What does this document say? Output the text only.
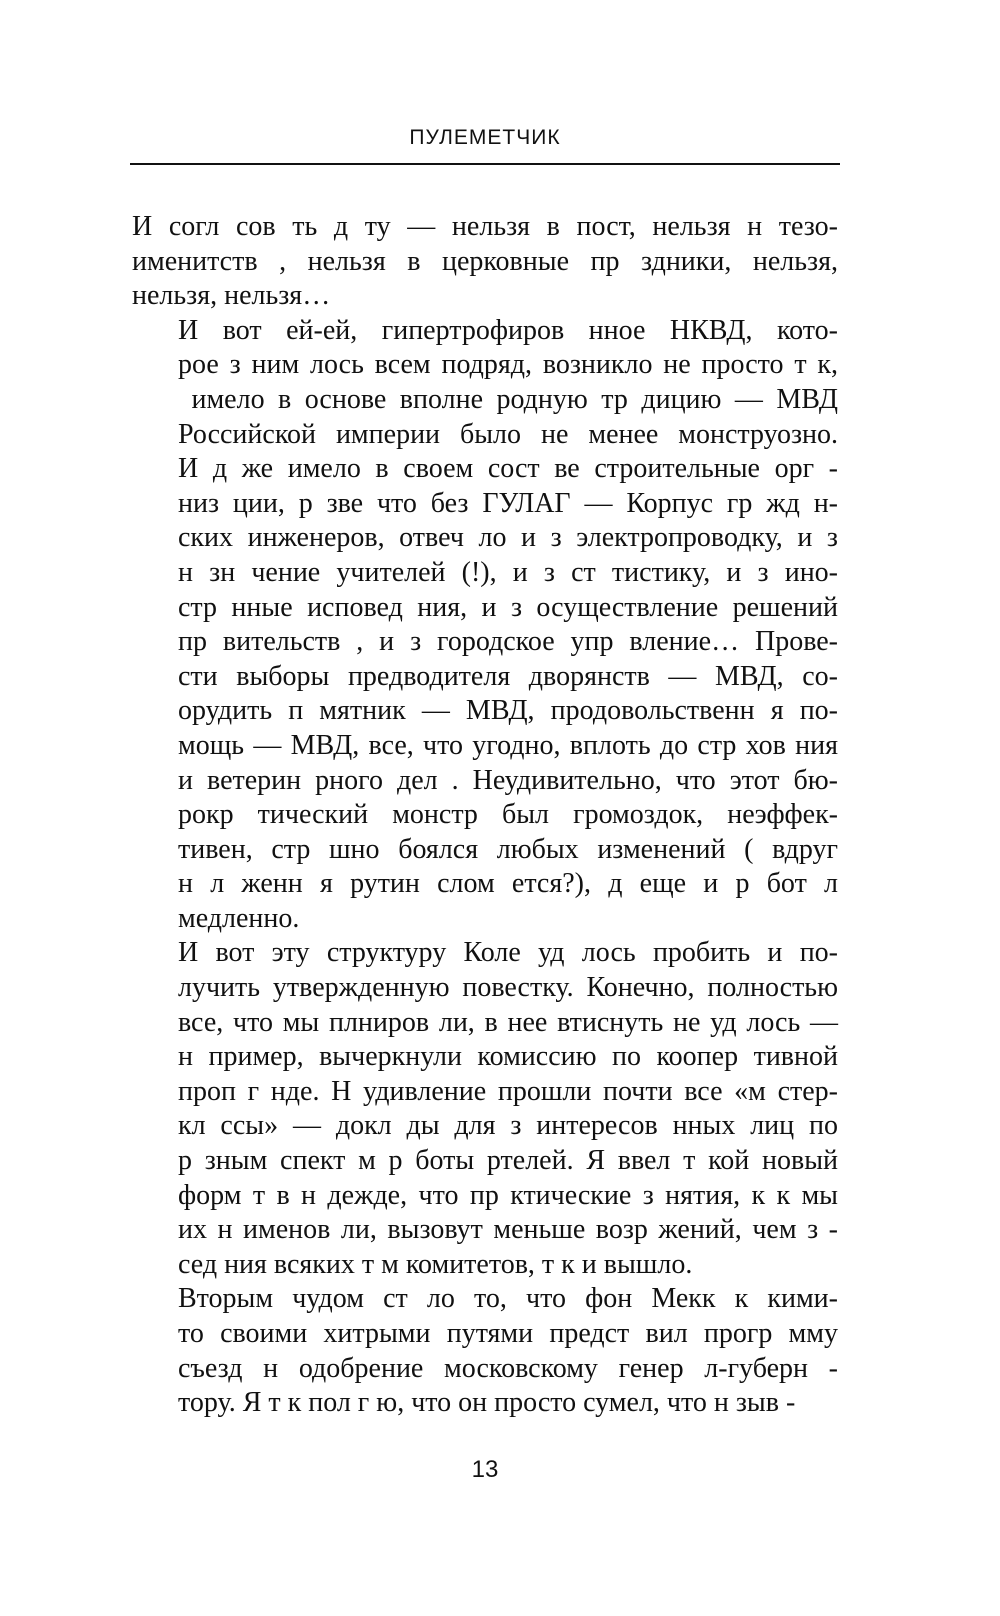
ПУЛЕМЕТЧИК

И согл сов ть д ту — нельзя в пост, нельзя н тезо-
именитств , нельзя в церковные пр здники, нельзя,
нельзя, нельзя…

И вот ей-ей, гипертрофиров нное НКВД, кото-
рое з ним лось всем подряд, возникло не просто т к,
имело в основе вполне родную тр дицию — МВД
Российской империи было не менее монструозно.
И д же имело в своем сост ве строительные орг -
низ ции, р зве что без ГУЛАГ — Корпус гр жд н-
ских инженеров, отвеч ло и з электропроводку, и з
н зн чение учителей (!), и з ст тистику, и з ино-
стр нные исповед ния, и з осуществление решений
пр вительств , и з городское упр вление… Прове-
сти выборы предводителя дворянств — МВД, со-
орудить п мятник — МВД, продовольственн я по-
мощь — МВД, все, что угодно, вплоть до стр хов ния
и ветерин рного дел . Неудивительно, что этот бю-
рокр тический монстр был громоздок, неэффек-
тивен, стр шно боялся любых изменений ( вдруг
н л женн я рутин слом ется?), д еще и р бот л
медленно.

И вот эту структуру Коле уд лось пробить и по-
лучить утвержденную повестку. Конечно, полностью
все, что мы плниров ли, в нее втиснуть не уд лось —
н пример, вычеркнули комиссию по коопер тивной
проп г нде. Н удивление прошли почти все «м стер-
кл ссы» — докл ды для з интересов нных лиц по
р зным спект м р боты ртелей. Я ввел т кой новый
форм т в н дежде, что пр ктические з нятия, к к мы
их н именов ли, вызовут меньше возр жений, чем з -
сед ния всяких т м комитетов, т к и вышло.

Вторым чудом ст ло то, что фон Мекк к кими-
то своими хитрыми путями предст вил прогр мму
съезд н одобрение московскому генер л-губерн -
тору. Я т к пол г ю, что он просто сумел, что н зыв -

13
